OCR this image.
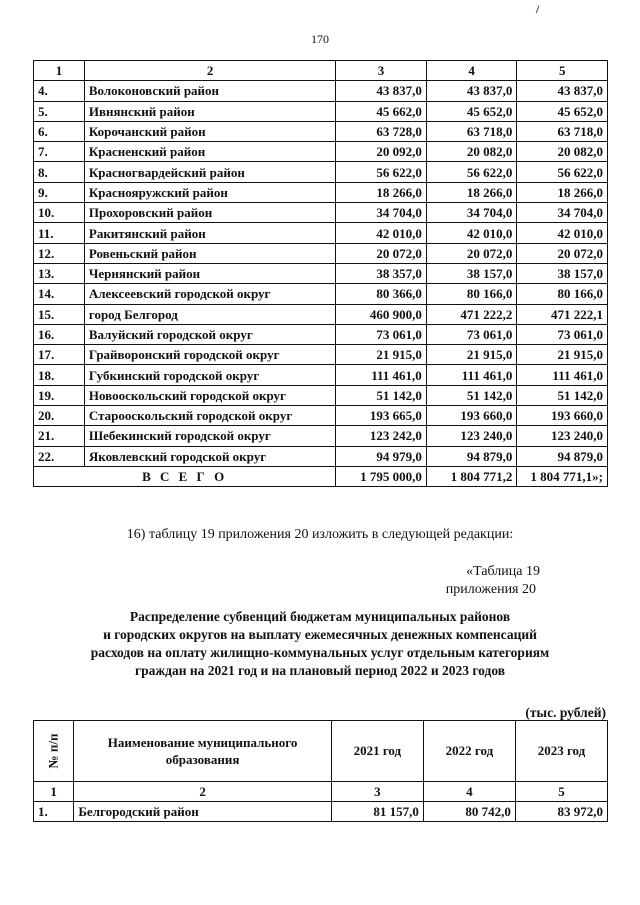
170
1	2	3	4	5
4.	Волоконовский район	43 837,0	43 837,0	43 837,0
5.	Ивнянский район	45 662,0	45 652,0	45 652,0
6.	Корочанский район	63 728,0	63 718,0	63 718,0
7.	Красненский район	20 092,0	20 082,0	20 082,0
8.	Красногвардейский район	56 622,0	56 622,0	56 622,0
9.	Краснояружский район	18 266,0	18 266,0	18 266,0
10.	Прохоровский район	34 704,0	34 704,0	34 704,0
11.	Ракитянский район	42 010,0	42 010,0	42 010,0
12.	Ровеньский район	20 072,0	20 072,0	20 072,0
13.	Чернянский район	38 357,0	38 157,0	38 157,0
14.	Алексеевский городской округ	80 366,0	80 166,0	80 166,0
15.	город Белгород	460 900,0	471 222,2	471 222,1
16.	Валуйский городской округ	73 061,0	73 061,0	73 061,0
17.	Грайворонский городской округ	21 915,0	21 915,0	21 915,0
18.	Губкинский городской округ	111 461,0	111 461,0	111 461,0
19.	Новооскольский городской округ	51 142,0	51 142,0	51 142,0
20.	Старооскольский городской округ	193 665,0	193 660,0	193 660,0
21.	Шебекинский городской округ	123 242,0	123 240,0	123 240,0
22.	Яковлевский городской округ	94 979,0	94 879,0	94 879,0
В С Е Г О		1 795 000,0	1 804 771,2	1 804 771,1»;
16) таблицу 19 приложения 20 изложить в следующей редакции:
«Таблица 19
приложения 20
Распределение субвенций бюджетам муниципальных районов
и городских округов на выплату ежемесячных денежных компенсаций
расходов на оплату жилищно-коммунальных услуг отдельным категориям
граждан на 2021 год и на плановый период 2022 и 2023 годов
(тыс. рублей)
№ п/п	Наименование муниципального образования	2021 год	2022 год	2023 год
1	2	3	4	5
1.	Белгородский район	81 157,0	80 742,0	83 972,0
